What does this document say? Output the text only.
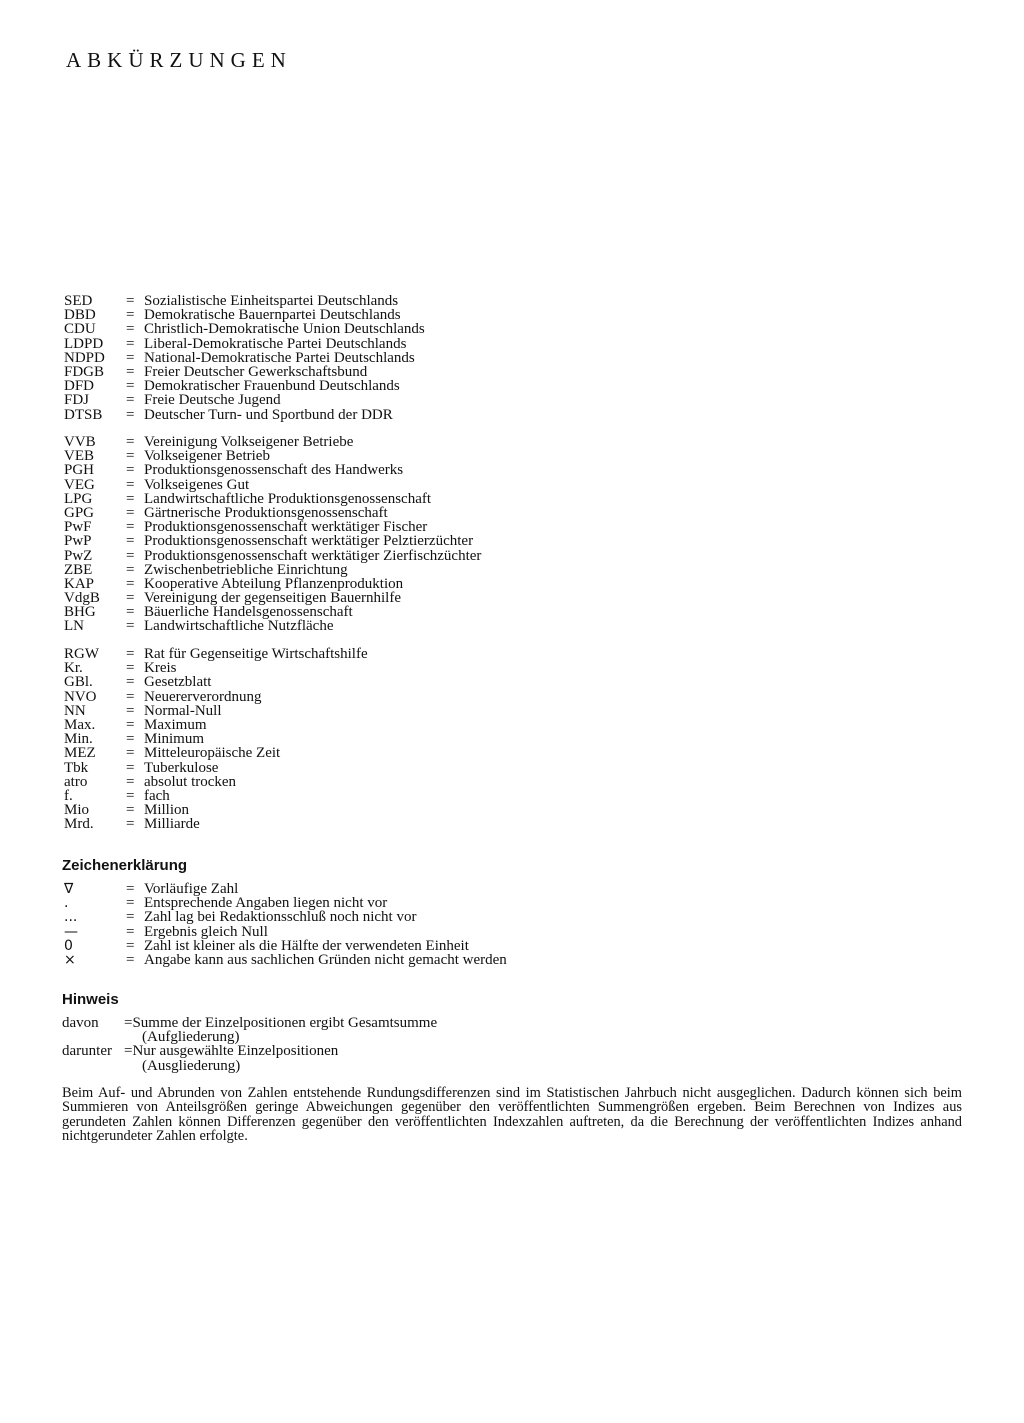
ABKÜRZUNGEN
SED	= Sozialistische Einheitspartei Deutschlands
DBD	= Demokratische Bauernpartei Deutschlands
CDU	= Christlich-Demokratische Union Deutschlands
LDPD	= Liberal-Demokratische Partei Deutschlands
NDPD	= National-Demokratische Partei Deutschlands
FDGB	= Freier Deutscher Gewerkschaftsbund
DFD	= Demokratischer Frauenbund Deutschlands
FDJ	= Freie Deutsche Jugend
DTSB	= Deutscher Turn- und Sportbund der DDR
VVB	= Vereinigung Volkseigener Betriebe
VEB	= Volkseigener Betrieb
PGH	= Produktionsgenossenschaft des Handwerks
VEG	= Volkseigenes Gut
LPG	= Landwirtschaftliche Produktionsgenossenschaft
GPG	= Gärtnerische Produktionsgenossenschaft
PwF	= Produktionsgenossenschaft werktätiger Fischer
PwP	= Produktionsgenossenschaft werktätiger Pelztierzüchter
PwZ	= Produktionsgenossenschaft werktätiger Zierfischzüchter
ZBE	= Zwischenbetriebliche Einrichtung
KAP	= Kooperative Abteilung Pflanzenproduktion
VdgB	= Vereinigung der gegenseitigen Bauernhilfe
BHG	= Bäuerliche Handelsgenossenschaft
LN	= Landwirtschaftliche Nutzfläche
RGW	= Rat für Gegenseitige Wirtschaftshilfe
Kr.	= Kreis
GBl.	= Gesetzblatt
NVO	= Neuererverordnung
NN	= Normal-Null
Max.	= Maximum
Min.	= Minimum
MEZ	= Mitteleuropäische Zeit
Tbk	= Tuberkulose
atro	= absolut trocken
f.	= fach
Mio	= Million
Mrd.	= Milliarde
Zeichenerklärung
∇	= Vorläufige Zahl
.	= Entsprechende Angaben liegen nicht vor
...	= Zahl lag bei Redaktionsschluß noch nicht vor
—	= Ergebnis gleich Null
0	= Zahl ist kleiner als die Hälfte der verwendeten Einheit
×	= Angabe kann aus sachlichen Gründen nicht gemacht werden
Hinweis
davon	=Summe der Einzelpositionen ergibt Gesamtsumme
(Aufgliederung)
darunter =Nur ausgewählte Einzelpositionen
(Ausgliederung)

Beim Auf- und Abrunden von Zahlen entstehende Rundungsdifferenzen sind im Statistischen Jahrbuch nicht ausgeglichen. Dadurch können sich beim Summieren von Anteilsgrößen geringe Abweichungen gegenüber den veröffentlichten Summengrößen ergeben. Beim Berechnen von Indizes aus gerundeten Zahlen können Differenzen gegenüber den veröffentlichten Indexzahlen auftreten, da die Berechnung der veröffentlichten Indizes anhand nichtgerundeter Zahlen erfolgte.
